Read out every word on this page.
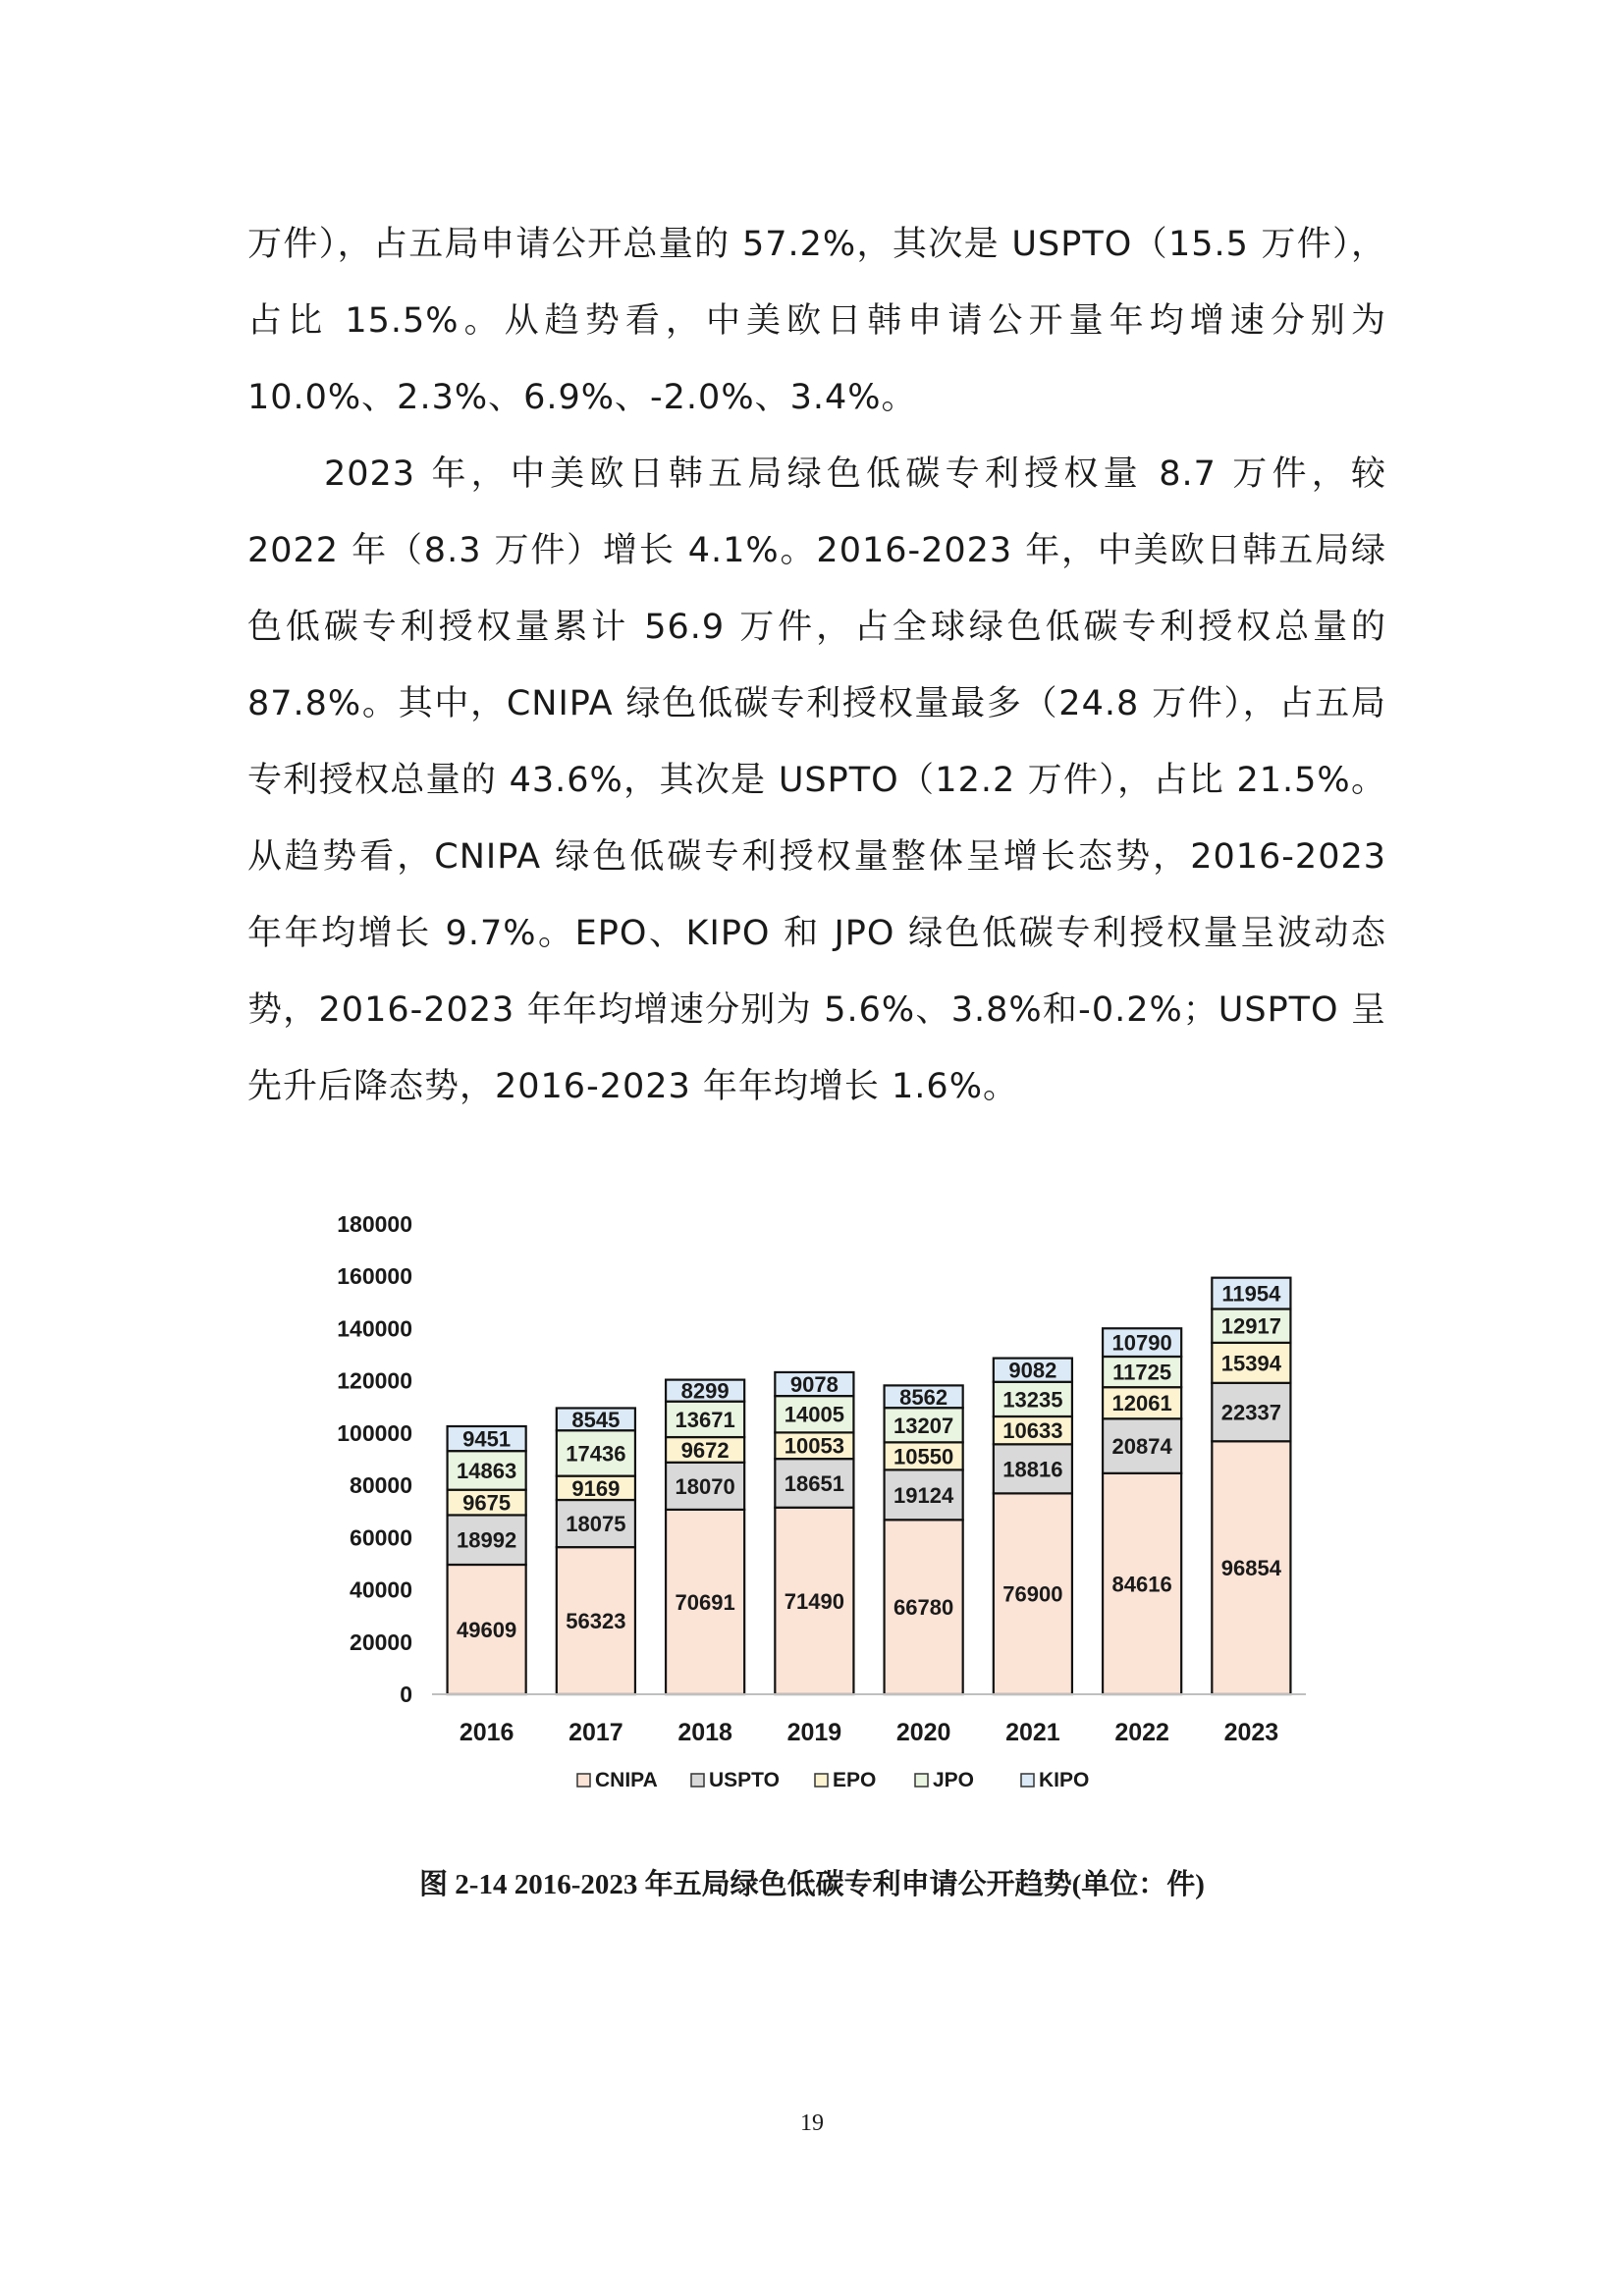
万件），占五局申请公开总量的 57.2%，其次是 USPTO（15.5 万件），占比 15.5%。从趋势看，中美欧日韩申请公开量年均增速分别为 10.0%、2.3%、6.9%、-2.0%、3.4%。

2023 年，中美欧日韩五局绿色低碳专利授权量 8.7 万件，较 2022 年（8.3 万件）增长 4.1%。2016-2023 年，中美欧日韩五局绿色低碳专利授权量累计 56.9 万件，占全球绿色低碳专利授权总量的 87.8%。其中，CNIPA 绿色低碳专利授权量最多（24.8 万件），占五局专利授权总量的 43.6%，其次是 USPTO（12.2 万件），占比 21.5%。从趋势看，CNIPA 绿色低碳专利授权量整体呈增长态势，2016-2023 年年均增长 9.7%。EPO、KIPO 和 JPO 绿色低碳专利授权量呈波动态势，2016-2023 年年均增速分别为 5.6%、3.8%和-0.2%；USPTO 呈先升后降态势，2016-2023 年年均增长 1.6%。

0
20000
40000
60000
80000
100000
120000
140000
160000
180000
49609
18992
9675
14863
9451
56323
18075
9169
17436
8545
70691
18070
9672
13671
8299
71490
18651
10053
14005
9078
66780
19124
10550
13207
8562
76900
18816
10633
13235
9082
84616
20874
12061
11725
10790
96854
22337
15394
12917
11954
2016 2017 2018 2019 2020 2021 2022 2023
CNIPA USPTO	EPO	JPO	KIPO
图 2-14 2016-2023 年五局绿色低碳专利申请公开趋势(单位：件)
19
